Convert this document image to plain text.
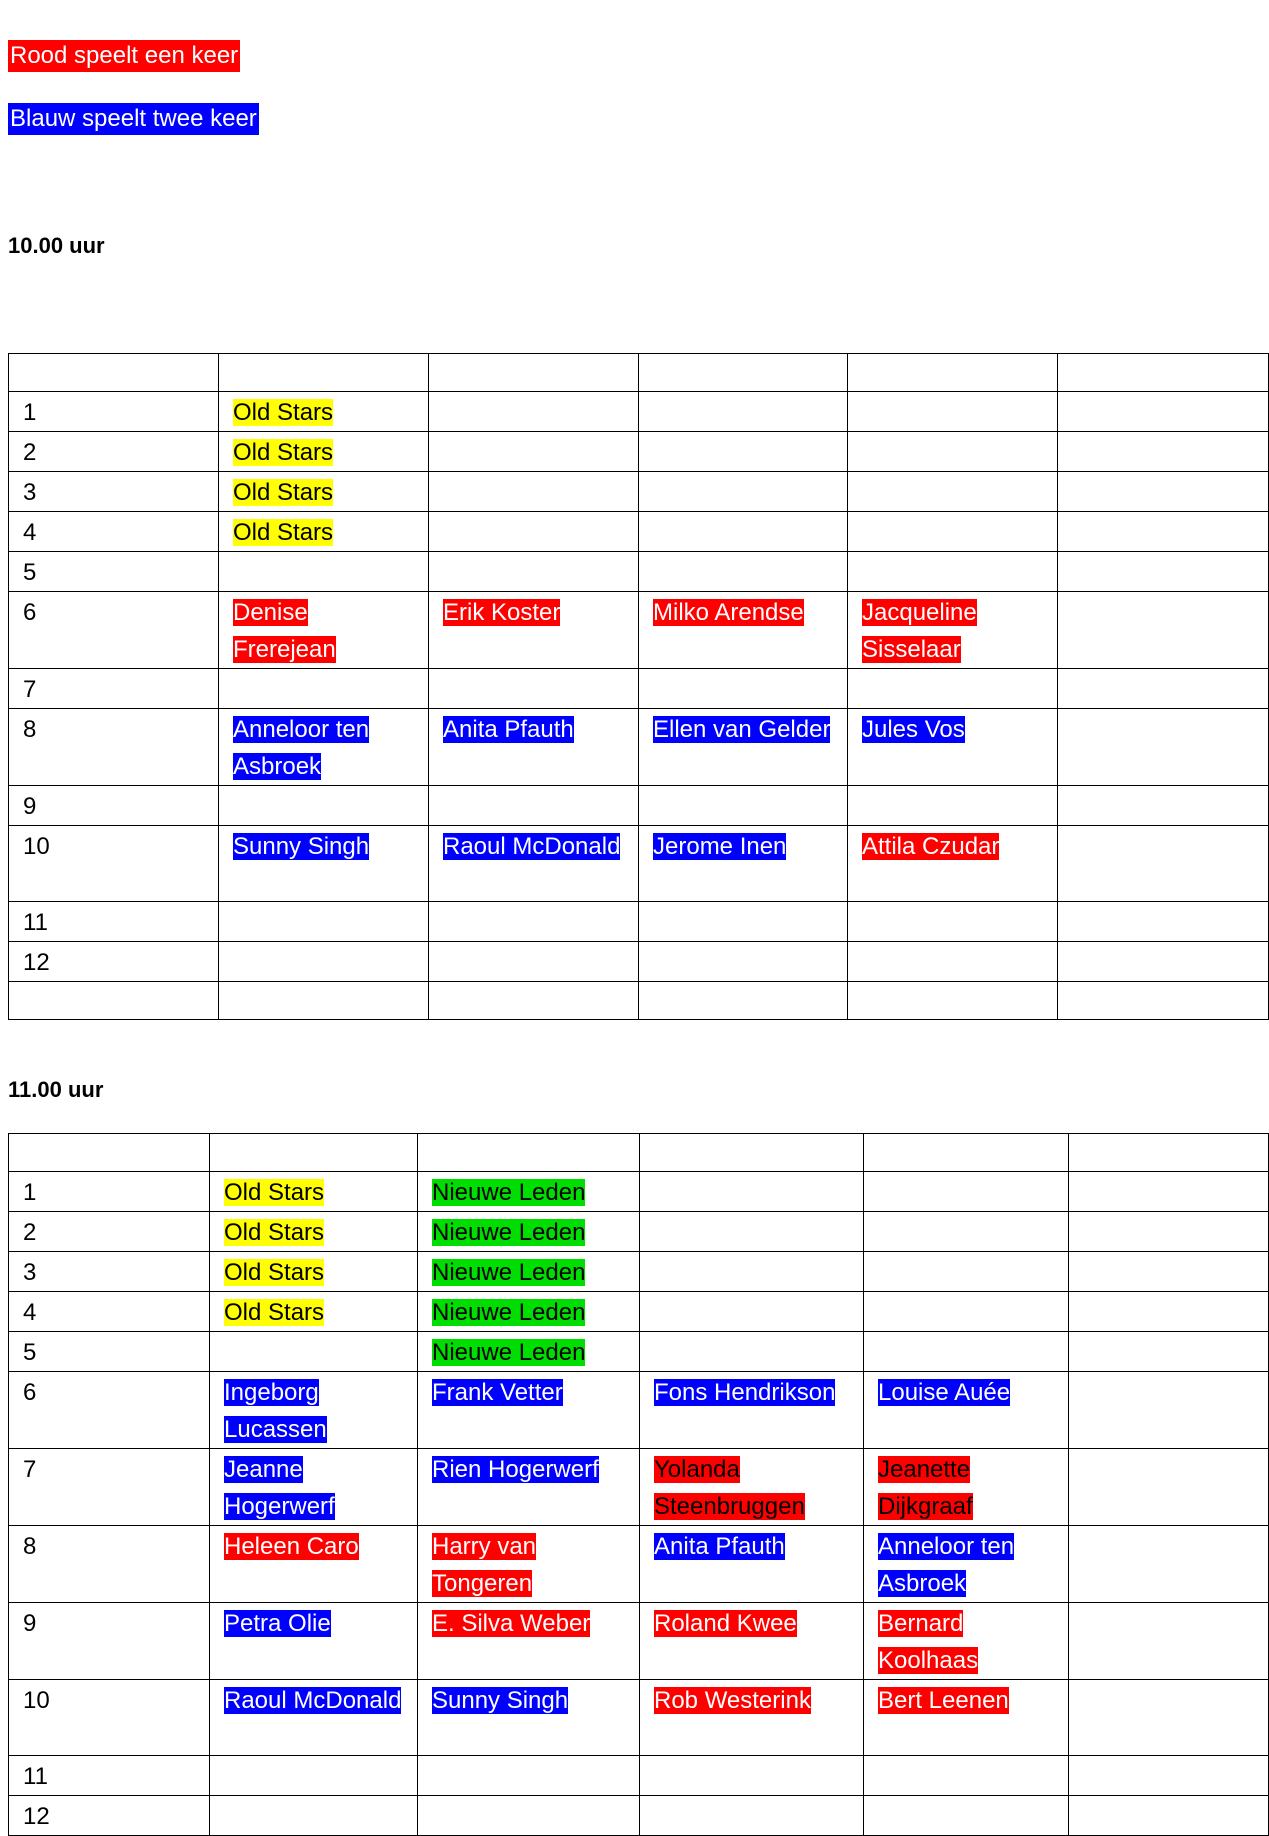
Rood speelt een keer
Blauw speelt twee keer
10.00 uur

1	Old Stars				
2	Old Stars				
3	Old Stars				
4	Old Stars				
5					
6	Denise Frerejean	Erik Koster	Milko Arendse	Jacqueline Sisselaar	
7					
8	Anneloor ten Asbroek	Anita Pfauth	Ellen van Gelder	Jules Vos	
9					
10	Sunny Singh	Raoul McDonald	Jerome Inen	Attila Czudar	
11					
12					

11.00 uur

1	Old Stars	Nieuwe Leden			
2	Old Stars	Nieuwe Leden			
3	Old Stars	Nieuwe Leden			
4	Old Stars	Nieuwe Leden			
5		Nieuwe Leden			
6	Ingeborg Lucassen	Frank Vetter	Fons Hendrikson	Louise Auée	
7	Jeanne Hogerwerf	Rien Hogerwerf	Yolanda Steenbruggen	Jeanette Dijkgraaf	
8	Heleen Caro	Harry van Tongeren	Anita Pfauth	Anneloor ten Asbroek	
9	Petra Olie	E. Silva Weber	Roland Kwee	Bernard Koolhaas	
10	Raoul McDonald	Sunny Singh	Rob Westerink	Bert Leenen	
11					
12					
